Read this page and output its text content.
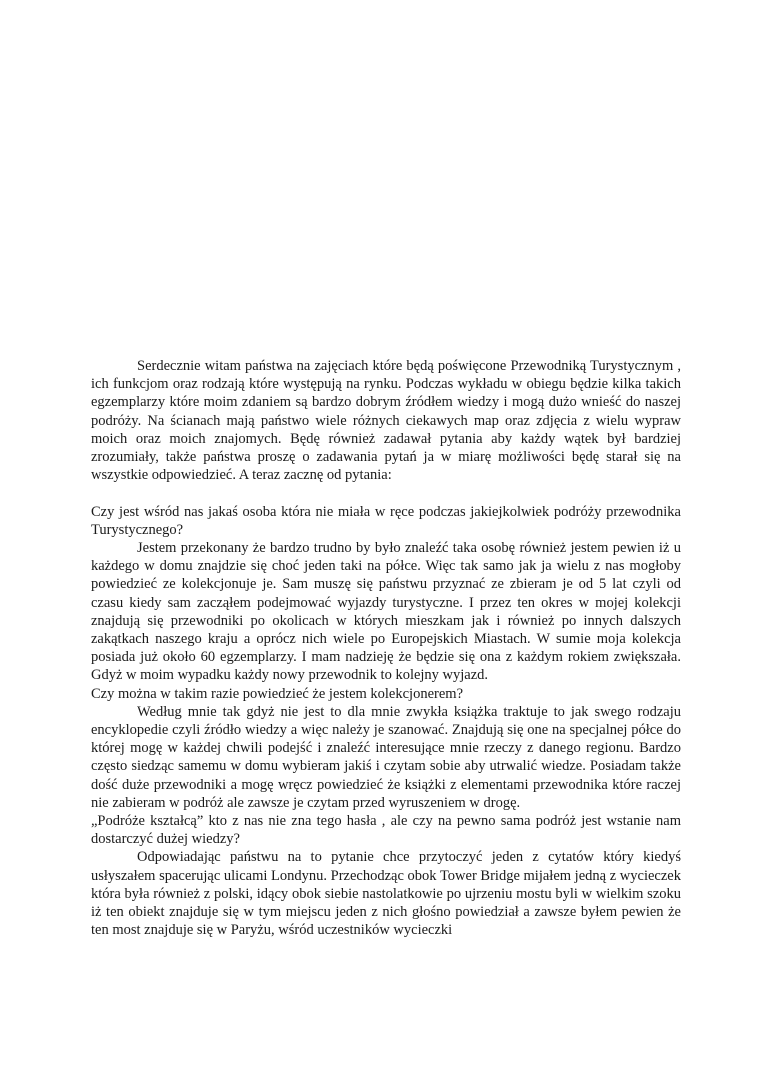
Serdecznie witam państwa na zajęciach które będą poświęcone Przewodniką Turystycznym , ich funkcjom oraz rodzają które występują na rynku. Podczas wykładu w obiegu będzie kilka takich egzemplarzy które moim zdaniem są bardzo dobrym źródłem wiedzy i mogą dużo wnieść do naszej podróży. Na ścianach mają państwo wiele różnych ciekawych map oraz zdjęcia z wielu wypraw moich oraz moich znajomych. Będę również zadawał pytania aby każdy wątek był bardziej zrozumiały, także państwa proszę o zadawania pytań ja w miarę możliwości będę starał się na wszystkie odpowiedzieć. A teraz zacznę od pytania:

Czy jest wśród nas jakaś osoba która nie miała w ręce podczas jakiejkolwiek podróży przewodnika Turystycznego?

Jestem przekonany że bardzo trudno by było znaleźć taka osobę również jestem pewien iż u każdego w domu znajdzie się choć jeden taki na półce. Więc tak samo jak ja wielu z nas mogłoby powiedzieć ze kolekcjonuje je. Sam muszę się państwu przyznać ze zbieram je od 5 lat czyli od czasu kiedy sam zacząłem podejmować wyjazdy turystyczne. I przez ten okres w mojej kolekcji znajdują się przewodniki po okolicach w których mieszkam jak i również po innych dalszych zakątkach naszego kraju a oprócz nich wiele po Europejskich Miastach. W sumie moja kolekcja posiada już około 60 egzemplarzy. I mam nadzieję że będzie się ona z każdym rokiem zwiększała. Gdyż w moim wypadku każdy nowy przewodnik to kolejny wyjazd.

Czy można w takim razie powiedzieć że jestem kolekcjonerem?

Według mnie tak gdyż nie jest to dla mnie zwykła książka traktuje to jak swego rodzaju encyklopedie czyli źródło wiedzy a więc należy je szanować. Znajdują się one na specjalnej półce do której mogę w każdej chwili podejść i znaleźć interesujące mnie rzeczy z danego regionu. Bardzo często siedząc samemu w domu wybieram jakiś i czytam sobie aby utrwalić wiedze. Posiadam także dość duże przewodniki a mogę wręcz powiedzieć że książki z elementami przewodnika które raczej nie zabieram w podróż ale zawsze je czytam przed wyruszeniem w drogę.

„Podróże kształcą” kto z nas nie zna tego hasła , ale czy na pewno sama podróż jest wstanie nam dostarczyć dużej wiedzy?

Odpowiadając państwu na to pytanie chce przytoczyć jeden z cytatów który kiedyś usłyszałem spacerując ulicami Londynu. Przechodząc obok Tower Bridge mijałem jedną z wycieczek która była również z polski, idący obok siebie nastolatkowie po ujrzeniu mostu byli w wielkim szoku iż ten obiekt znajduje się w tym miejscu jeden z nich głośno powiedział a zawsze byłem pewien że ten most znajduje się w Paryżu, wśród uczestników wycieczki
